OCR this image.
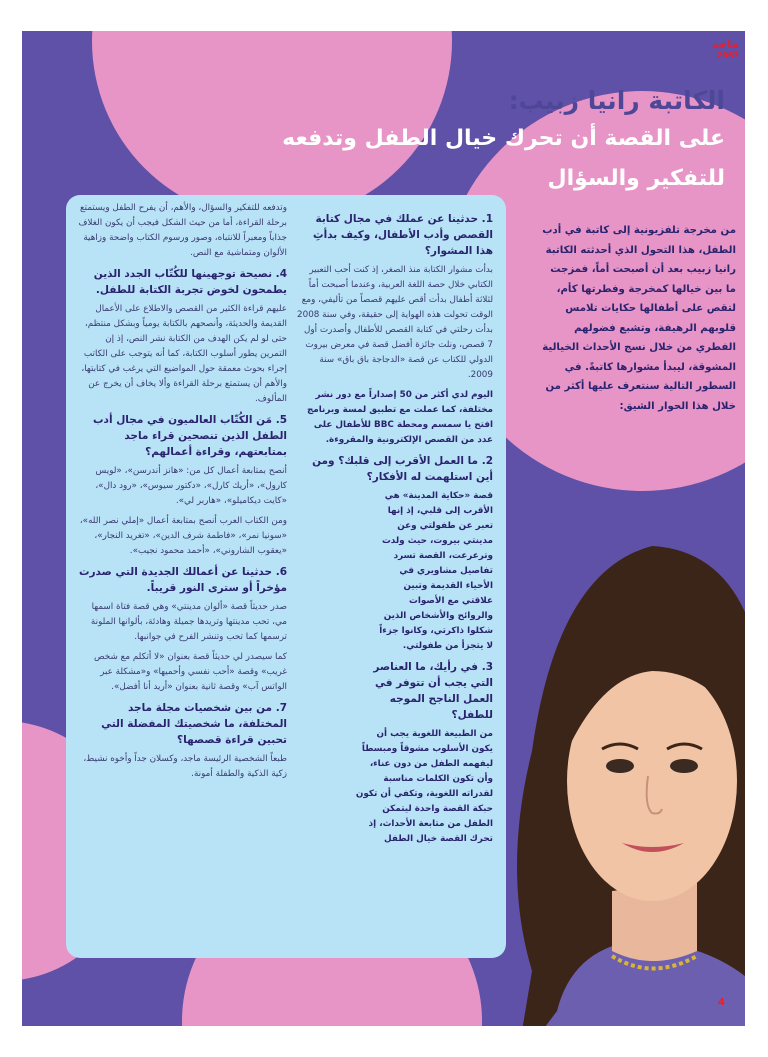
ماجد
2063
الكاتبة رانيا زبيب:
على القصة أن تحرك خيال الطفل وتدفعه
للتفكير والسؤال
من مخرجة تلفزيونية إلى كاتبة في أدب الطفل، هذا التحول الذي أحدثته الكاتبة رانيا زبيب بعد أن أصبحت أماً، فمزجت ما بين خيالها كمخرجة وفطرتها كأم، لتقص على أطفالها حكايات تلامس قلوبهم الرهيفة، وتشبع فضولهم الفطري من خلال نسج الأحداث الخيالية المشوقة، ليبدأ مشوارها كاتبةً. في السطور التالية سنتعرف عليها أكثر من خلال هذا الحوار الشيق:
1. حدثينا عن عملك في مجال كتابة القصص وأدب الأطفال، وكيف بدأتِ هذا المشوار؟

بدأت مشوار الكتابة منذ الصغر، إذ كنت أحب التعبير الكتابي خلال حصة اللغة العربية، وعندما أصبحت أماً لثلاثة أطفال بدأت أقص عليهم قصصاً من تأليفي، ومع الوقت تحولت هذه الهواية إلى حقيقة، وفي سنة 2008 بدأت رحلتي في كتابة القصص للأطفال وأصدرت أول 7 قصص، ونلت جائزة أفضل قصة في معرض بيروت الدولي للكتاب عن قصة «الدجاجة باق باق» سنة 2009.

اليوم لدي أكثر من 50 إصداراً مع دور نشر مختلفة، كما عملت مع تطبيق لمسة وبرنامج افتح يا سمسم ومحطة BBC للأطفال على عدد من القصص الإلكترونية والمقروءة.

2. ما العمل الأقرب إلى قلبك؟ ومن أين استلهمت له الأفكار؟

قصة «حكاية المدينة» هي الأقرب إلى قلبي، إذ إنها تعبر عن طفولتي وعن مدينتي بيروت، حيث ولدت وترعرعت، القصة تسرد تفاصيل مشاويري في الأحياء القديمة وتبين علاقتي مع الأصوات والروائح والأشخاص الذين شكلوا ذاكرتي، وكانوا جزءاً لا يتجزأ من طفولتي.

3. في رأيك، ما العناصر التي يجب أن تتوفر في العمل الناجح الموجه للطفل؟

من الطبيعة اللغوية يجب أن يكون الأسلوب مشوقاً ومبسطاً ليفهمه الطفل من دون عناء، وأن تكون الكلمات مناسبة لقدراته اللغوية، وتكفي أن تكون حبكة القصة واحدة ليتمكن الطفل من متابعة الأحداث، إذ تحرك القصة خيال الطفل

وتدفعه للتفكير والسؤال، والأهم، أن يفرح الطفل ويستمتع برحلة القراءة، أما من حيث الشكل فيجب أن يكون الغلاف جذاباً ومعبراً للانتباه، وصور ورسوم الكتاب واضحة وزاهية الألوان ومتماشية مع النص.

4. نصيحة توجهينها للكُتّاب الجدد الذين يطمحون لخوض تجربة الكتابة للطفل.

عليهم قراءة الكثير من القصص والاطلاع على الأعمال القديمة والحديثة، وأنصحهم بالكتابة يومياً وبشكل منتظم، حتى لو لم يكن الهدف من الكتابة نشر النص، إذ إن التمرين يطور أسلوب الكتابة، كما أنه يتوجب على الكاتب إجراء بحوث معمقة حول المواضيع التي يرغب في كتابتها، والأهم أن يستمتع برحلة القراءة وألا يخاف أن يخرج عن المألوف.

5. مَن الكُتّاب العالميون في مجال أدب الطفل الذين تنصحين قراء ماجد بمتابعتهم، وقراءة أعمالهم؟

أنصح بمتابعة أعمال كل من: «هانز أندرسن»، «لويس كارول»، «أريك كارل»، «دكتور سيوس»، «رود دال»، «كايت ديكاميلو»، «هاربر لي».

ومن الكتاب العرب أنصح بمتابعة أعمال «إملي نصر الله»، «سونيا نمر»، «فاطمة شرف الدين»، «تغريد النجار»، «يعقوب الشاروني»، «أحمد محمود نجيب».

6. حدثينا عن أعمالك الجديدة التي صدرت مؤخراً أو سترى النور قريباً.

صدر حديثاً قصة «ألوان مدينتي» وهي قصة فتاة اسمها مي، تحب مدينتها وتريدها جميلة وهادئة، بألوانها الملونة ترسمها كما تحب وتنشر الفرح في جوانبها.

كما سيصدر لي حديثاً قصة بعنوان «لا أتكلم مع شخص غريب» وقصة «أحب نفسي وأحميها» و«مشكلة عبر الواتس آب» وقصة ثانية بعنوان «أريد أنا أفضل».

7. من بين شخصيات مجلة ماجد المختلفة، ما شخصيتك المفضلة التي تحبين قراءة قصصها؟

طبعاً الشخصية الرئيسة ماجد، وكسلان جداً وأخوه نشيط، زكية الذكية والطفلة أمونة.

4
